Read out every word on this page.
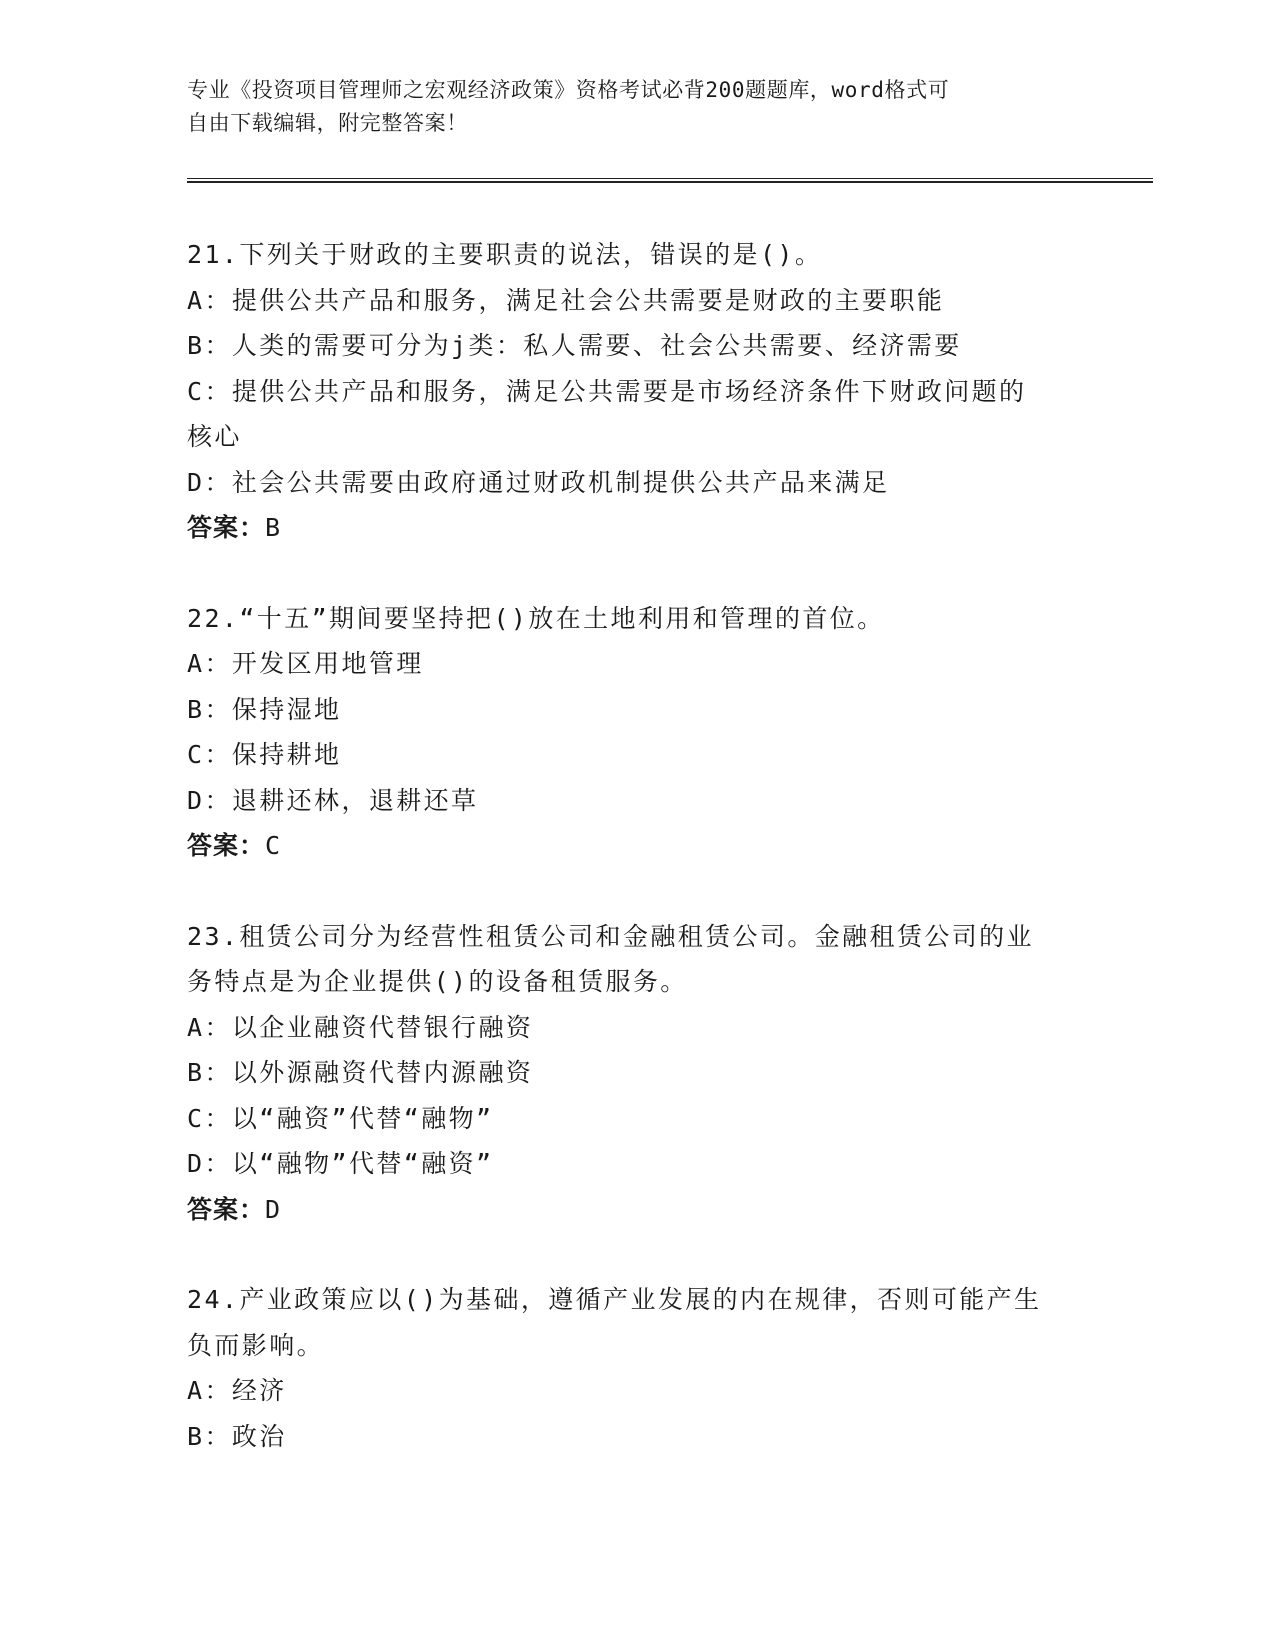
专业《投资项目管理师之宏观经济政策》资格考试必背200题题库，word格式可
自由下载编辑，附完整答案！
21.下列关于财政的主要职责的说法，错误的是()。
A：提供公共产品和服务，满足社会公共需要是财政的主要职能
B：人类的需要可分为j类：私人需要、社会公共需要、经济需要
C：提供公共产品和服务，满足公共需要是市场经济条件下财政问题的
核心
D：社会公共需要由政府通过财政机制提供公共产品来满足
答案：B
22.“十五”期间要坚持把()放在土地利用和管理的首位。
A：开发区用地管理
B：保持湿地
C：保持耕地
D：退耕还林，退耕还草
答案：C
23.租赁公司分为经营性租赁公司和金融租赁公司。金融租赁公司的业
务特点是为企业提供()的设备租赁服务。
A：以企业融资代替银行融资
B：以外源融资代替内源融资
C：以“融资”代替“融物”
D：以“融物”代替“融资”
答案：D
24.产业政策应以()为基础，遵循产业发展的内在规律，否则可能产生
负而影响。
A：经济
B：政治
